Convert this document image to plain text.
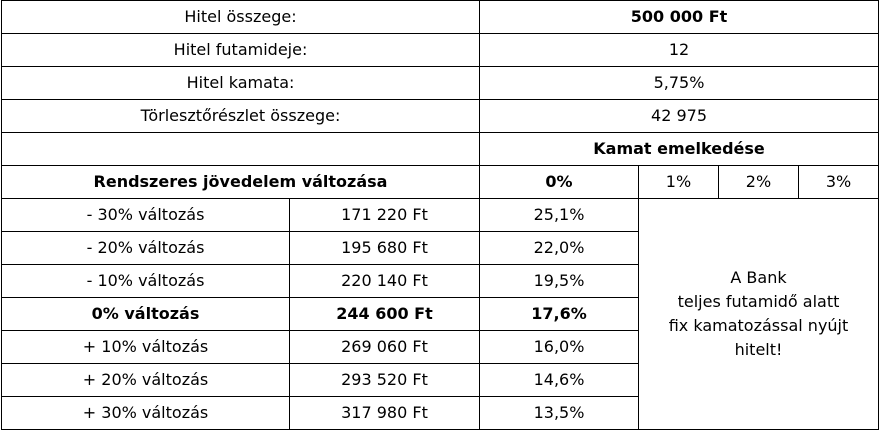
Hitel összege:		500 000 Ft			
Hitel futamideje:		12			
Hitel kamata:		5,75%			
Törlesztőrészlet összege:		42 975			
		Kamat emelkedése			
Rendszeres jövedelem változása		0%	1%	2%	3%
- 30% változás	171 220 Ft	25,1%	A Bank
teljes futamidő alatt
fix kamatozással nyújt
hitelt!		
- 20% változás	195 680 Ft	22,0%			
- 10% változás	220 140 Ft	19,5%			
0% változás	244 600 Ft	17,6%			
+ 10% változás	269 060 Ft	16,0%			
+ 20% változás	293 520 Ft	14,6%			
+ 30% változás	317 980 Ft	13,5%			
